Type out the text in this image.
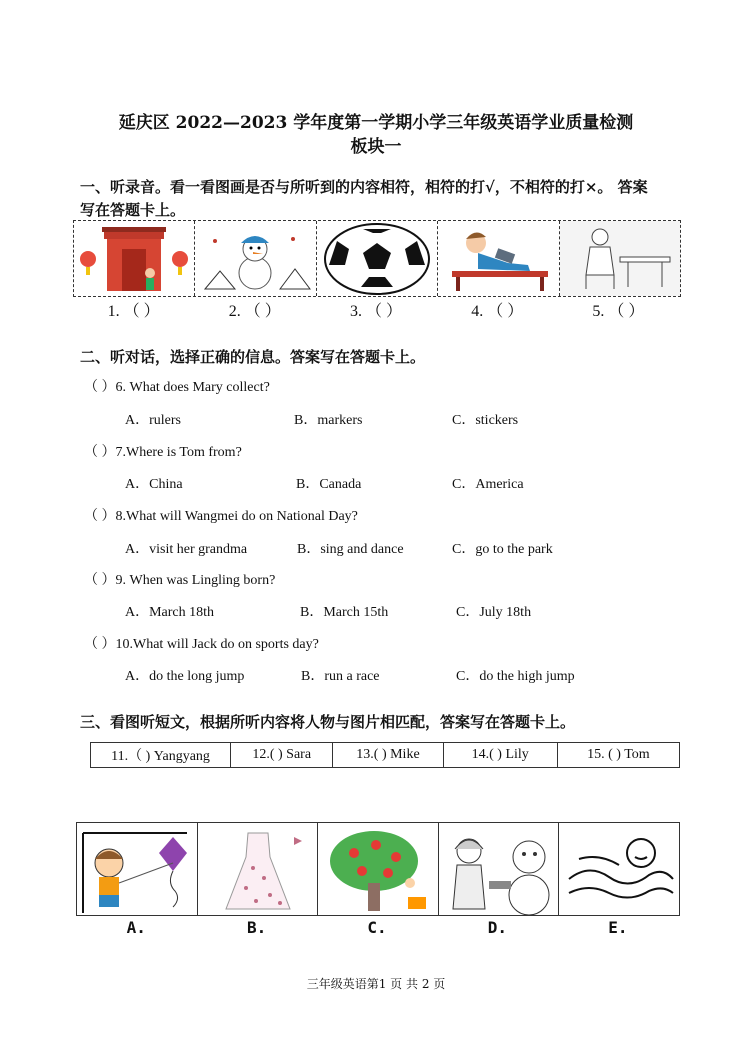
延庆区 2022—2023 学年度第一学期小学三年级英语学业质量检测
板块一
一、听录音。看一看图画是否与所听到的内容相符，相符的打√，不相符的打×。 答案
写在答题卡上。
1. （ ）	2. （ ）	3. （ ）	4. （ ）	5. （ ）
二、听对话，选择正确的信息。答案写在答题卡上。
（ ）6. What does Mary collect?
A．rulers	B．markers	C．stickers
（ ）7.Where is Tom from?
A．China	B．Canada	C．America
（ ）8.What will Wangmei do on National Day?
A．visit her grandma	B．sing and dance	C．go to the park
（ ）9. When was Lingling born?
A．March 18th	B．March 15th	C．July 18th
（ ）10.What will Jack do on sports day?
A．do the long jump	B．run a race	C．do the high jump
三、看图听短文，根据所听内容将人物与图片相匹配，答案写在答题卡上。
11.（ ) Yangyang	12.( ) Sara	13.( ) Mike	14.( ) Lily	15. ( ) Tom
A.	B.	C.	D.	E.
三年级英语第1 页 共 2 页
